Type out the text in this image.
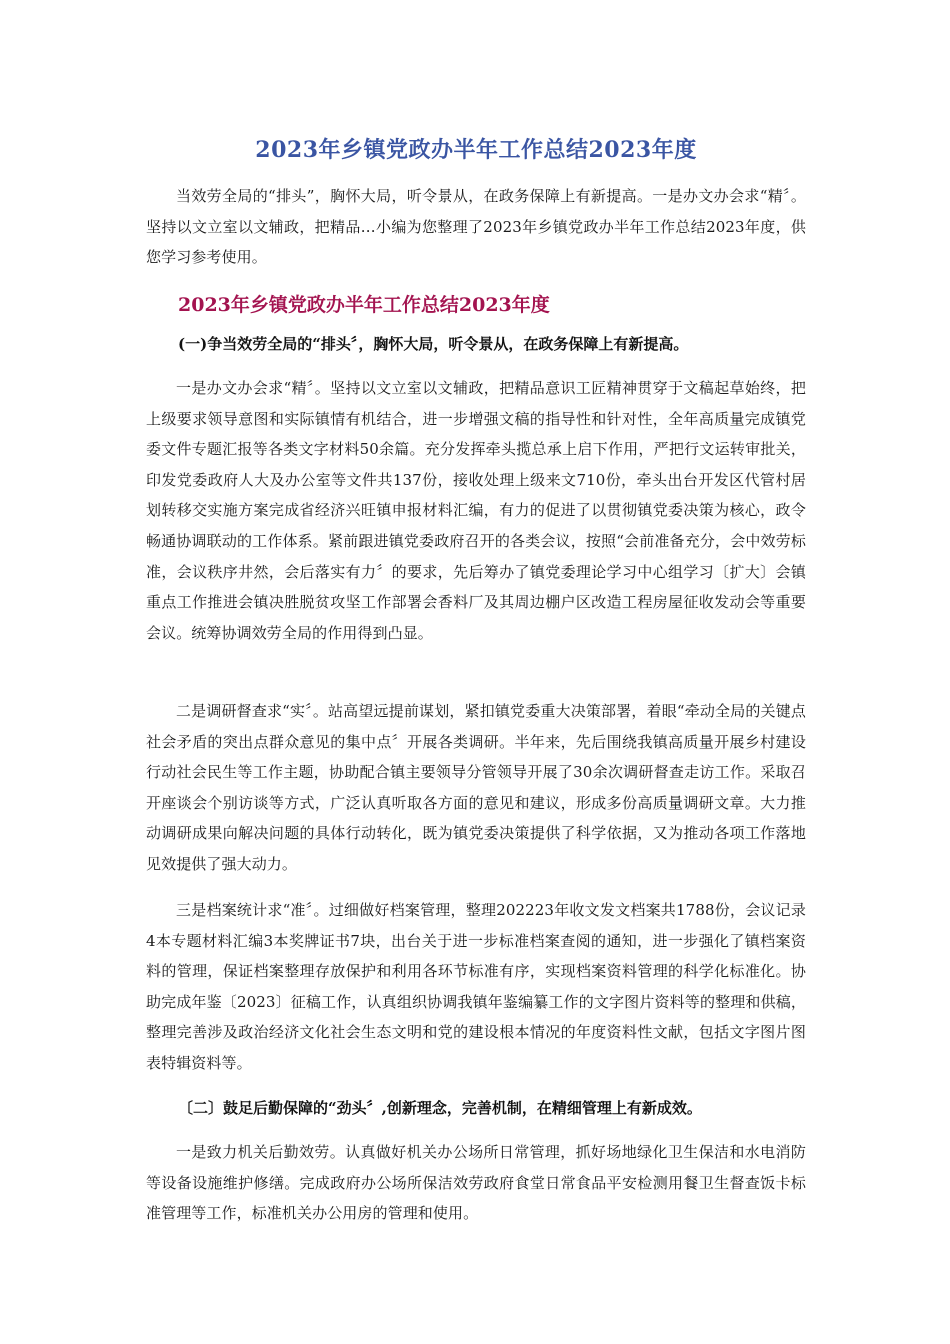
2023年乡镇党政办半年工作总结2023年度

当效劳全局的“排头”，胸怀大局，听令景从，在政务保障上有新提高。一是办文办会求“精〞。坚持以文立室以文辅政，把精品…小编为您整理了2023年乡镇党政办半年工作总结2023年度，供您学习参考使用。

2023年乡镇党政办半年工作总结2023年度

(一)争当效劳全局的“排头〞，胸怀大局，听令景从，在政务保障上有新提高。

一是办文办会求“精〞。坚持以文立室以文辅政，把精品意识工匠精神贯穿于文稿起草始终，把上级要求领导意图和实际镇情有机结合，进一步增强文稿的指导性和针对性，全年高质量完成镇党委文件专题汇报等各类文字材料50余篇。充分发挥牵头揽总承上启下作用，严把行文运转审批关，印发党委政府人大及办公室等文件共137份，接收处理上级来文710份，牵头出台开发区代管村居划转移交实施方案完成省经济兴旺镇申报材料汇编，有力的促进了以贯彻镇党委决策为核心，政令畅通协调联动的工作体系。紧前跟进镇党委政府召开的各类会议，按照“会前准备充分，会中效劳标准，会议秩序井然，会后落实有力〞的要求，先后筹办了镇党委理论学习中心组学习〔扩大〕会镇重点工作推进会镇决胜脱贫攻坚工作部署会香料厂及其周边棚户区改造工程房屋征收发动会等重要会议。统筹协调效劳全局的作用得到凸显。

二是调研督查求“实〞。站高望远提前谋划，紧扣镇党委重大决策部署，着眼“牵动全局的关键点社会矛盾的突出点群众意见的集中点〞开展各类调研。半年来，先后围绕我镇高质量开展乡村建设行动社会民生等工作主题，协助配合镇主要领导分管领导开展了30余次调研督查走访工作。采取召开座谈会个别访谈等方式，广泛认真听取各方面的意见和建议，形成多份高质量调研文章。大力推动调研成果向解决问题的具体行动转化，既为镇党委决策提供了科学依据，又为推动各项工作落地见效提供了强大动力。

三是档案统计求“准〞。过细做好档案管理，整理202223年收文发文档案共1788份，会议记录4本专题材料汇编3本奖牌证书7块，出台关于进一步标准档案查阅的通知，进一步强化了镇档案资料的管理，保证档案整理存放保护和利用各环节标准有序，实现档案资料管理的科学化标准化。协助完成年鉴〔2023〕征稿工作，认真组织协调我镇年鉴编纂工作的文字图片资料等的整理和供稿，整理完善涉及政治经济文化社会生态文明和党的建设根本情况的年度资料性文献，包括文字图片图表特辑资料等。

〔二〕鼓足后勤保障的“劲头〞,创新理念，完善机制，在精细管理上有新成效。

一是致力机关后勤效劳。认真做好机关办公场所日常管理，抓好场地绿化卫生保洁和水电消防等设备设施维护修缮。完成政府办公场所保洁效劳政府食堂日常食品平安检测用餐卫生督查饭卡标准管理等工作，标准机关办公用房的管理和使用。
